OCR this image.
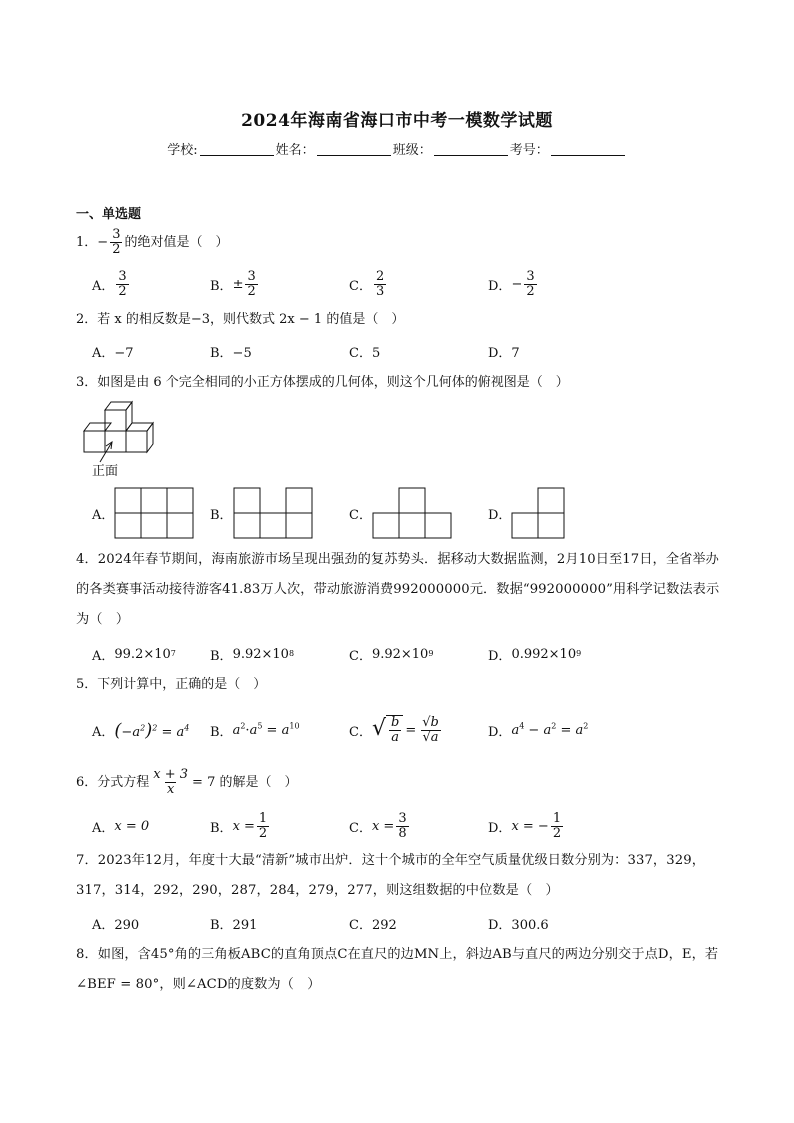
2024年海南省海口市中考一模数学试题
学校:	姓名：	班级：	考号：
一、单选题
1．− $\frac{3}{2}$ 的绝对值是（　）
A． $\frac{3}{2}$	B． ± $\frac{3}{2}$	C． $\frac{2}{3}$	D． − $\frac{3}{2}$
2．若 x 的相反数是−3，则代数式 2x − 1 的值是（　）
A．−7	B．−5	C．5	D．7
3．如图是由 6 个完全相同的小正方体摆成的几何体，则这个几何体的俯视图是（　）
正面
A．	B．	C．	D．
4．2024年春节期间，海南旅游市场呈现出强劲的复苏势头．据移动大数据监测，2月10日至17日，全省举办的各类赛事活动接待游客41.83万人次，带动旅游消费992000000元．数据“992000000”用科学记数法表示为（　）
A． 99.2×10 7	B． 9.92×10 8	C． 9.92×10 9	D． 0.992×10 9
5．下列计算中，正确的是（　）
A． $(-a^2)^2 = a^4$ B． $a^2\cdot a^5 = a^{10}$	C． √ $\frac{b}{a} = \frac{√b}{√a}$	D． $a^4 - a^2 = a^2$
6．分式方程 $\frac{x + 3}{x} = 7$ 的解是（　）
A． x = 0	B． $x = \frac{1}{2}$	C． $x = \frac{3}{8}$	D． x = − $\frac{1}{2}$
7．2023年12月，年度十大最“清新”城市出炉．这十个城市的全年空气质量优级日数分别为：337，329，317，314，292，290，287，284，279，277，则这组数据的中位数是（　）
A．290	B．291	C．292	D．300.6
8．如图，含45°角的三角板ABC的直角顶点C在直尺的边MN上，斜边AB与直尺的两边分别交于点D，E，若∠BEF = 80°，则∠ACD的度数为（　）
